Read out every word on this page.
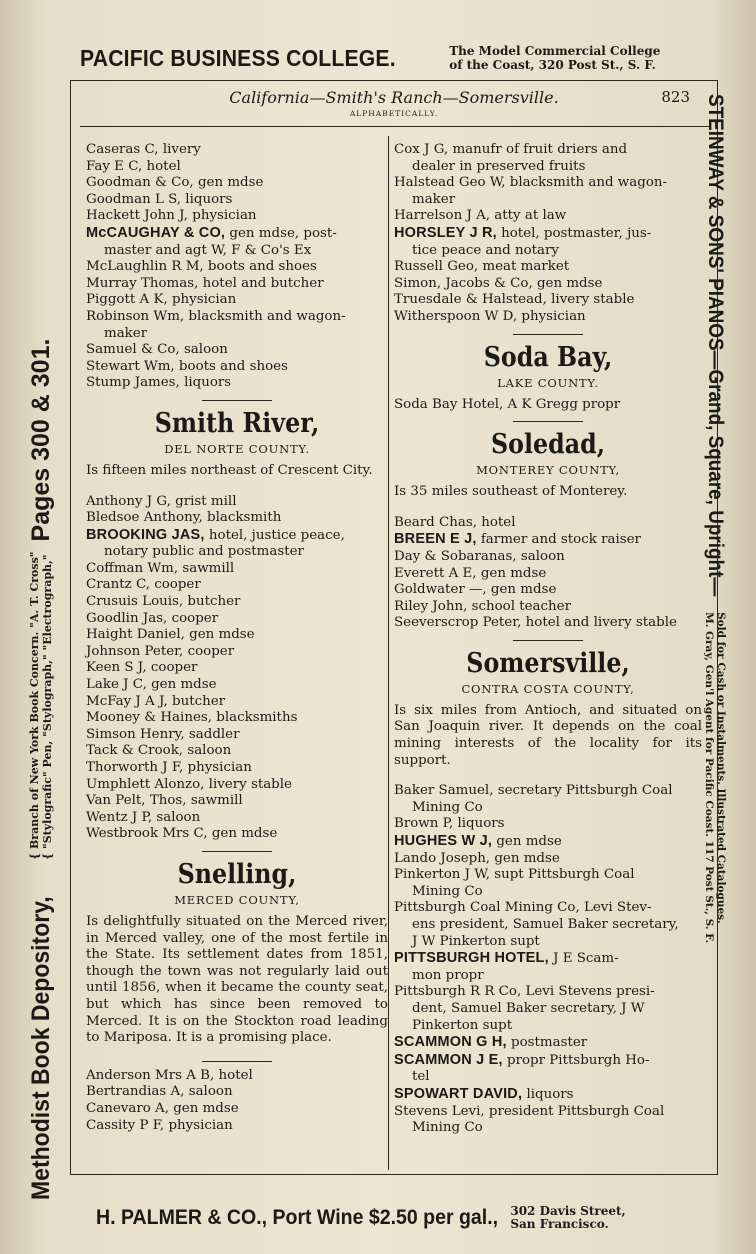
PACIFIC BUSINESS COLLEGE.	The Model Commercial College
of the Coast, 320 Post St., S. F.
California—Smith's Ranch—Somersville.
ALPHABETICALLY.
823
Caseras C, livery
Fay E C, hotel
Goodman & Co, gen mdse
Goodman L S, liquors
Hackett John J, physician
McCAUGHAY & CO, gen mdse, post-
master and agt W, F & Co's Ex
McLaughlin R M, boots and shoes
Murray Thomas, hotel and butcher
Piggott A K, physician
Robinson Wm, blacksmith and wagon-
maker
Samuel & Co, saloon
Stewart Wm, boots and shoes
Stump James, liquors
Smith River,
DEL NORTE COUNTY.
Is fifteen miles northeast of Crescent City.
Anthony J G, grist mill
Bledsoe Anthony, blacksmith
BROOKING JAS, hotel, justice peace,
notary public and postmaster
Coffman Wm, sawmill
Crantz C, cooper
Crusuis Louis, butcher
Goodlin Jas, cooper
Haight Daniel, gen mdse
Johnson Peter, cooper
Keen S J, cooper
Lake J C, gen mdse
McFay J A J, butcher
Mooney & Haines, blacksmiths
Simson Henry, saddler
Tack & Crook, saloon
Thorworth J F, physician
Umphlett Alonzo, livery stable
Van Pelt, Thos, sawmill
Wentz J P, saloon
Westbrook Mrs C, gen mdse
Snelling,
MERCED COUNTY,
Is delightfully situated on the Merced river, in Merced valley, one of the most fertile in the State. Its settlement dates from 1851, though the town was not regularly laid out until 1856, when it became the county seat, but which has since been removed to Merced. It is on the Stockton road leading to Mariposa. It is a promising place.
Anderson Mrs A B, hotel
Bertrandias A, saloon
Canevaro A, gen mdse
Cassity P F, physician
Cox J G, manufr of fruit driers and
dealer in preserved fruits
Halstead Geo W, blacksmith and wagon-
maker
Harrelson J A, atty at law
HORSLEY J R, hotel, postmaster, jus-
tice peace and notary
Russell Geo, meat market
Simon, Jacobs & Co, gen mdse
Truesdale & Halstead, livery stable
Witherspoon W D, physician
Soda Bay,
LAKE COUNTY.
Soda Bay Hotel, A K Gregg propr
Soledad,
MONTEREY COUNTY,
Is 35 miles southeast of Monterey.
Beard Chas, hotel
BREEN E J, farmer and stock raiser
Day & Sobaranas, saloon
Everett A E, gen mdse
Goldwater —, gen mdse
Riley John, school teacher
Seeverscrop Peter, hotel and livery stable
Somersville,
CONTRA COSTA COUNTY,
Is six miles from Antioch, and situated on San Joaquin river. It depends on the coal mining interests of the locality for its support.
Baker Samuel, secretary Pittsburgh Coal
Mining Co
Brown P, liquors
HUGHES W J, gen mdse
Lando Joseph, gen mdse
Pinkerton J W, supt Pittsburgh Coal
Mining Co
Pittsburgh Coal Mining Co, Levi Stev-
ens president, Samuel Baker secretary,
J W Pinkerton supt
PITTSBURGH HOTEL, J E Scam-
mon propr
Pittsburgh R R Co, Levi Stevens presi-
dent, Samuel Baker secretary, J W
Pinkerton supt
SCAMMON G H, postmaster
SCAMMON J E, propr Pittsburgh Ho-
tel
SPOWART DAVID, liquors
Stevens Levi, president Pittsburgh Coal
Mining Co
Methodist Book Depository,
{ Branch of New York Book Concern. "A. T. Cross" { "Stylografic" Pen, "Stylograph," "Electrograph,"
Pages 300 & 301.	STEINWAY & SONS' PIANOS—Grand, Square, Upright—
Sold for Cash or Instalments. Illustrated Catalogues.
M. Gray, Gen'l Agent for Pacific Coast. 117 Post St., S. F.
H. PALMER & CO., Port Wine $2.50 per gal., 302 Davis Street,
San Francisco.
